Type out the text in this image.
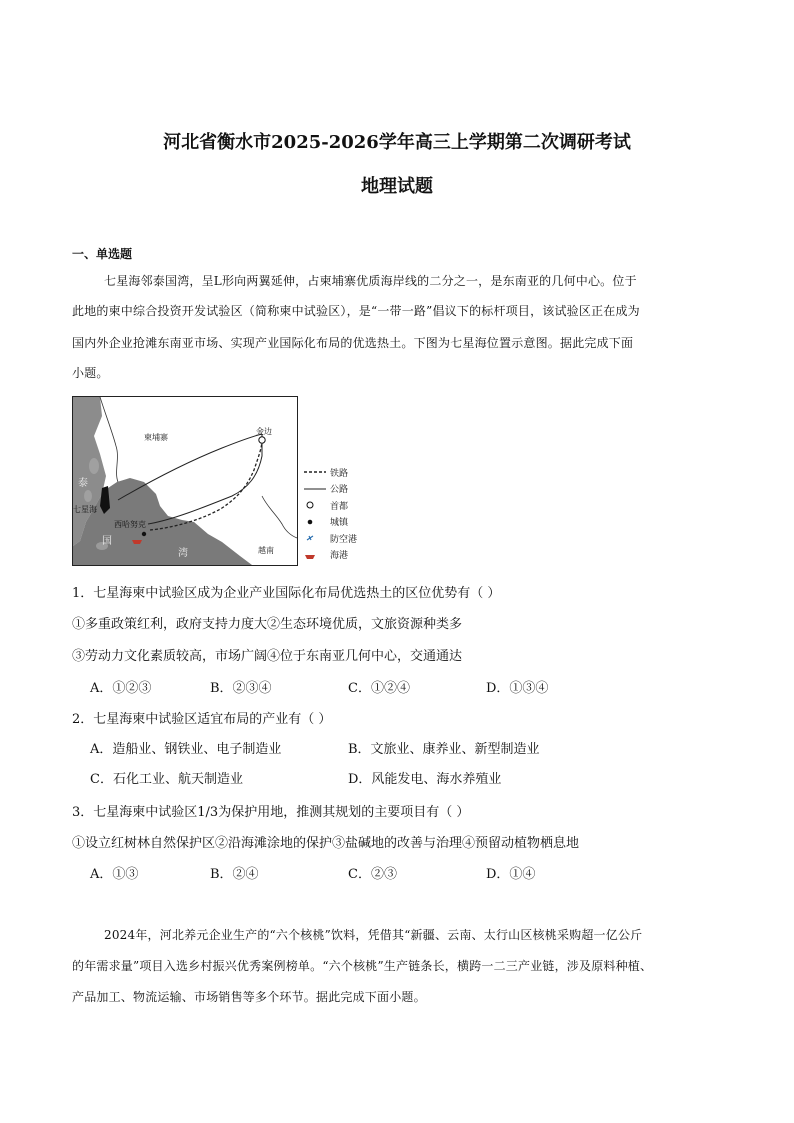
河北省衡水市2025-2026学年高三上学期第二次调研考试
地理试题
一、单选题
七星海邻泰国湾，呈L形向两翼延伸，占柬埔寨优质海岸线的二分之一，是东南亚的几何中心。位于
此地的柬中综合投资开发试验区（简称柬中试验区），是“一带一路”倡议下的标杆项目，该试验区正在成为
国内外企业抢滩东南亚市场、实现产业国际化布局的优选热土。下图为七星海位置示意图。据此完成下面
小题。
柬埔寨
金边
七星海
西哈努克
越南
泰
国
湾
铁路
公路
首都
城镇
防空港
海港
1．七星海柬中试验区成为企业产业国际化布局优选热土的区位优势有（ ）
①多重政策红利，政府支持力度大②生态环境优质，文旅资源种类多
③劳动力文化素质较高，市场广阔④位于东南亚几何中心，交通通达
A．①②③	B．②③④	C．①②④	D．①③④
2．七星海柬中试验区适宜布局的产业有（ ）
A．造船业、钢铁业、电子制造业	B．文旅业、康养业、新型制造业
C．石化工业、航天制造业	D．风能发电、海水养殖业
3．七星海柬中试验区1/3为保护用地，推测其规划的主要项目有（ ）
①设立红树林自然保护区②沿海滩涂地的保护③盐碱地的改善与治理④预留动植物栖息地
A．①③	B．②④	C．②③	D．①④
2024年，河北养元企业生产的“六个核桃”饮料，凭借其“新疆、云南、太行山区核桃采购超一亿公斤
的年需求量”项目入选乡村振兴优秀案例榜单。“六个核桃”生产链条长，横跨一二三产业链，涉及原料种植、
产品加工、物流运输、市场销售等多个环节。据此完成下面小题。
